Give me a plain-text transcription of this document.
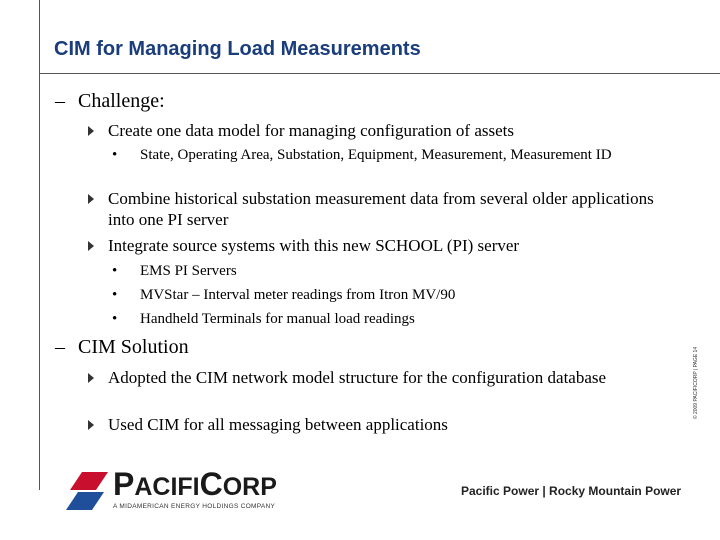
CIM for Managing Load Measurements
– Challenge:
Create one data model for managing configuration of assets
• State, Operating Area, Substation, Equipment, Measurement, Measurement ID
Combine historical substation measurement data from several older applications into one PI server
Integrate source systems with this new SCHOOL (PI) server
• EMS PI Servers
• MVStar – Interval meter readings from Itron MV/90
• Handheld Terminals for manual load readings
– CIM Solution
Adopted the CIM network model structure for the configuration database
Used CIM for all messaging between applications
© 2009 PACIFICORP | PAGE 14
PACIFICORP
A MIDAMERICAN ENERGY HOLDINGS COMPANY
Pacific Power | Rocky Mountain Power
